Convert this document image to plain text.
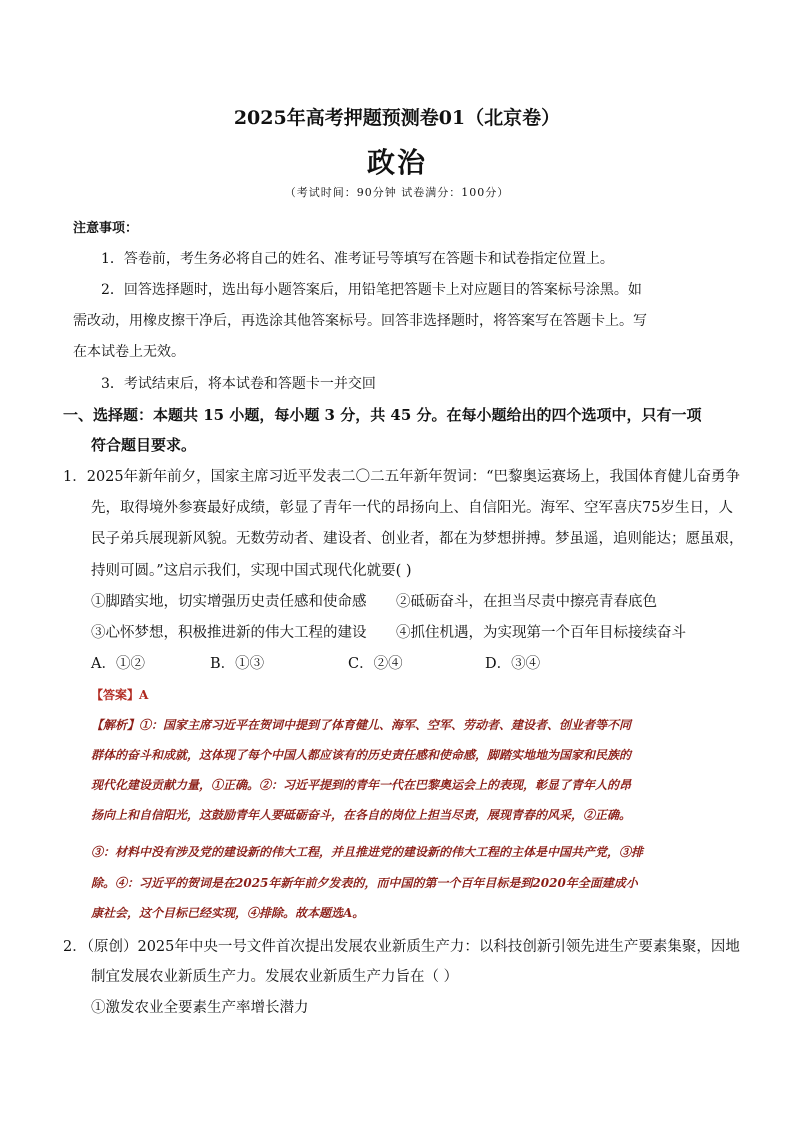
2025年高考押题预测卷01（北京卷）
政治
（考试时间：90分钟 试卷满分：100分）
注意事项：
1．答卷前，考生务必将自己的姓名、准考证号等填写在答题卡和试卷指定位置上。
2．回答选择题时，选出每小题答案后，用铅笔把答题卡上对应题目的答案标号涂黑。如
需改动，用橡皮擦干净后，再选涂其他答案标号。回答非选择题时，将答案写在答题卡上。写
在本试卷上无效。
3．考试结束后，将本试卷和答题卡一并交回
一、选择题：本题共 15 小题，每小题 3 分，共 45 分。在每小题给出的四个选项中，只有一项
符合题目要求。
1．2025年新年前夕，国家主席习近平发表二〇二五年新年贺词：“巴黎奥运赛场上，我国体育健儿奋勇争
先，取得境外参赛最好成绩，彰显了青年一代的昂扬向上、自信阳光。海军、空军喜庆75岁生日，人
民子弟兵展现新风貌。无数劳动者、建设者、创业者，都在为梦想拼搏。梦虽遥，追则能达；愿虽艰，
持则可圆。”这启示我们，实现中国式现代化就要( )
①脚踏实地，切实增强历史责任感和使命感 ②砥砺奋斗，在担当尽责中擦亮青春底色
③心怀梦想，积极推进新的伟大工程的建设 ④抓住机遇，为实现第一个百年目标接续奋斗
A．①②	B．①③	C．②④	D．③④
【答案】A
【解析】①：国家主席习近平在贺词中提到了体育健儿、海军、空军、劳动者、建设者、创业者等不同
群体的奋斗和成就，这体现了每个中国人都应该有的历史责任感和使命感，脚踏实地地为国家和民族的
现代化建设贡献力量，①正确。②：习近平提到的青年一代在巴黎奥运会上的表现，彰显了青年人的昂
扬向上和自信阳光，这鼓励青年人要砥砺奋斗，在各自的岗位上担当尽责，展现青春的风采，②正确。
③：材料中没有涉及党的建设新的伟大工程，并且推进党的建设新的伟大工程的主体是中国共产党，③排
除。④：习近平的贺词是在2025年新年前夕发表的，而中国的第一个百年目标是到2020年全面建成小
康社会，这个目标已经实现，④排除。故本题选A。
2．（原创）2025年中央一号文件首次提出发展农业新质生产力：以科技创新引领先进生产要素集聚，因地
制宜发展农业新质生产力。发展农业新质生产力旨在（ ）
①激发农业全要素生产率增长潜力
